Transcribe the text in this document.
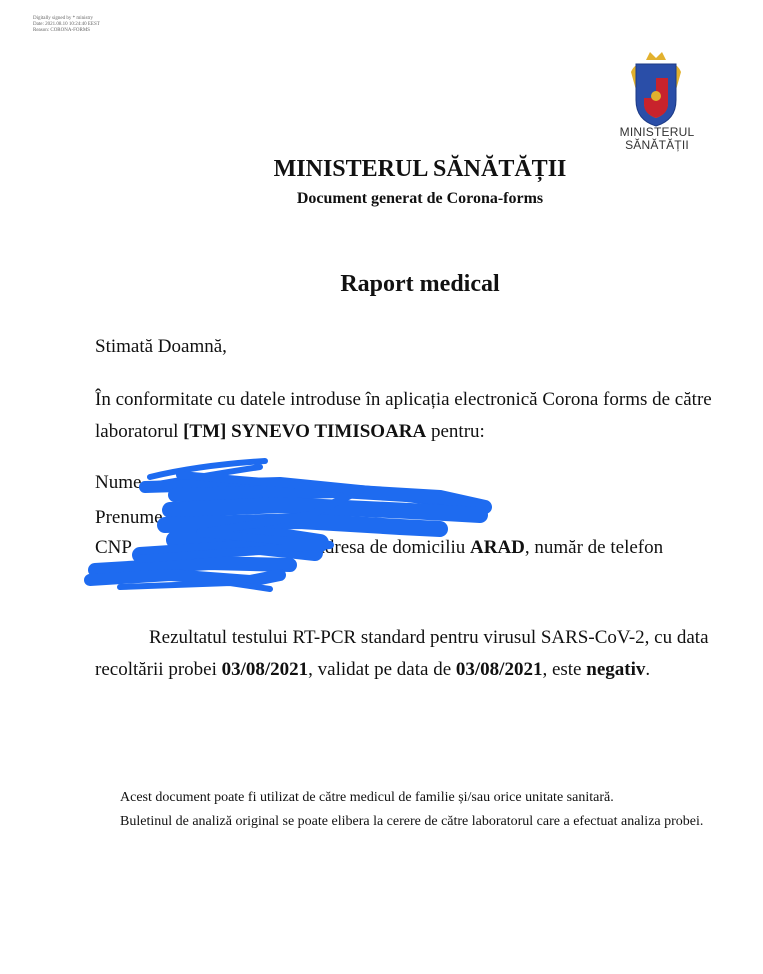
Digitally signed by * ministry
Date: 2021.08.10 10:24:40 EEST
Reason: CORONA-FORMS
MINISTERUL
SĂNĂTĂȚII
MINISTERUL SĂNĂTĂȚII
Document generat de Corona-forms
Raport medical
Stimată Doamnă,
În conformitate cu datele introduse în aplicația electronică Corona forms de către laboratorul [TM] SYNEVO TIMISOARA pentru:
Nume
Prenume	,
CNP	, adresa de domiciliu ARAD, număr de telefon
Rezultatul testului RT-PCR standard pentru virusul SARS-CoV-2, cu data recoltării probei 03/08/2021, validat pe data de 03/08/2021, este negativ.

Acest document poate fi utilizat de către medicul de familie și/sau orice unitate sanitară.

Buletinul de analiză original se poate elibera la cerere de către laboratorul care a efectuat analiza probei.
